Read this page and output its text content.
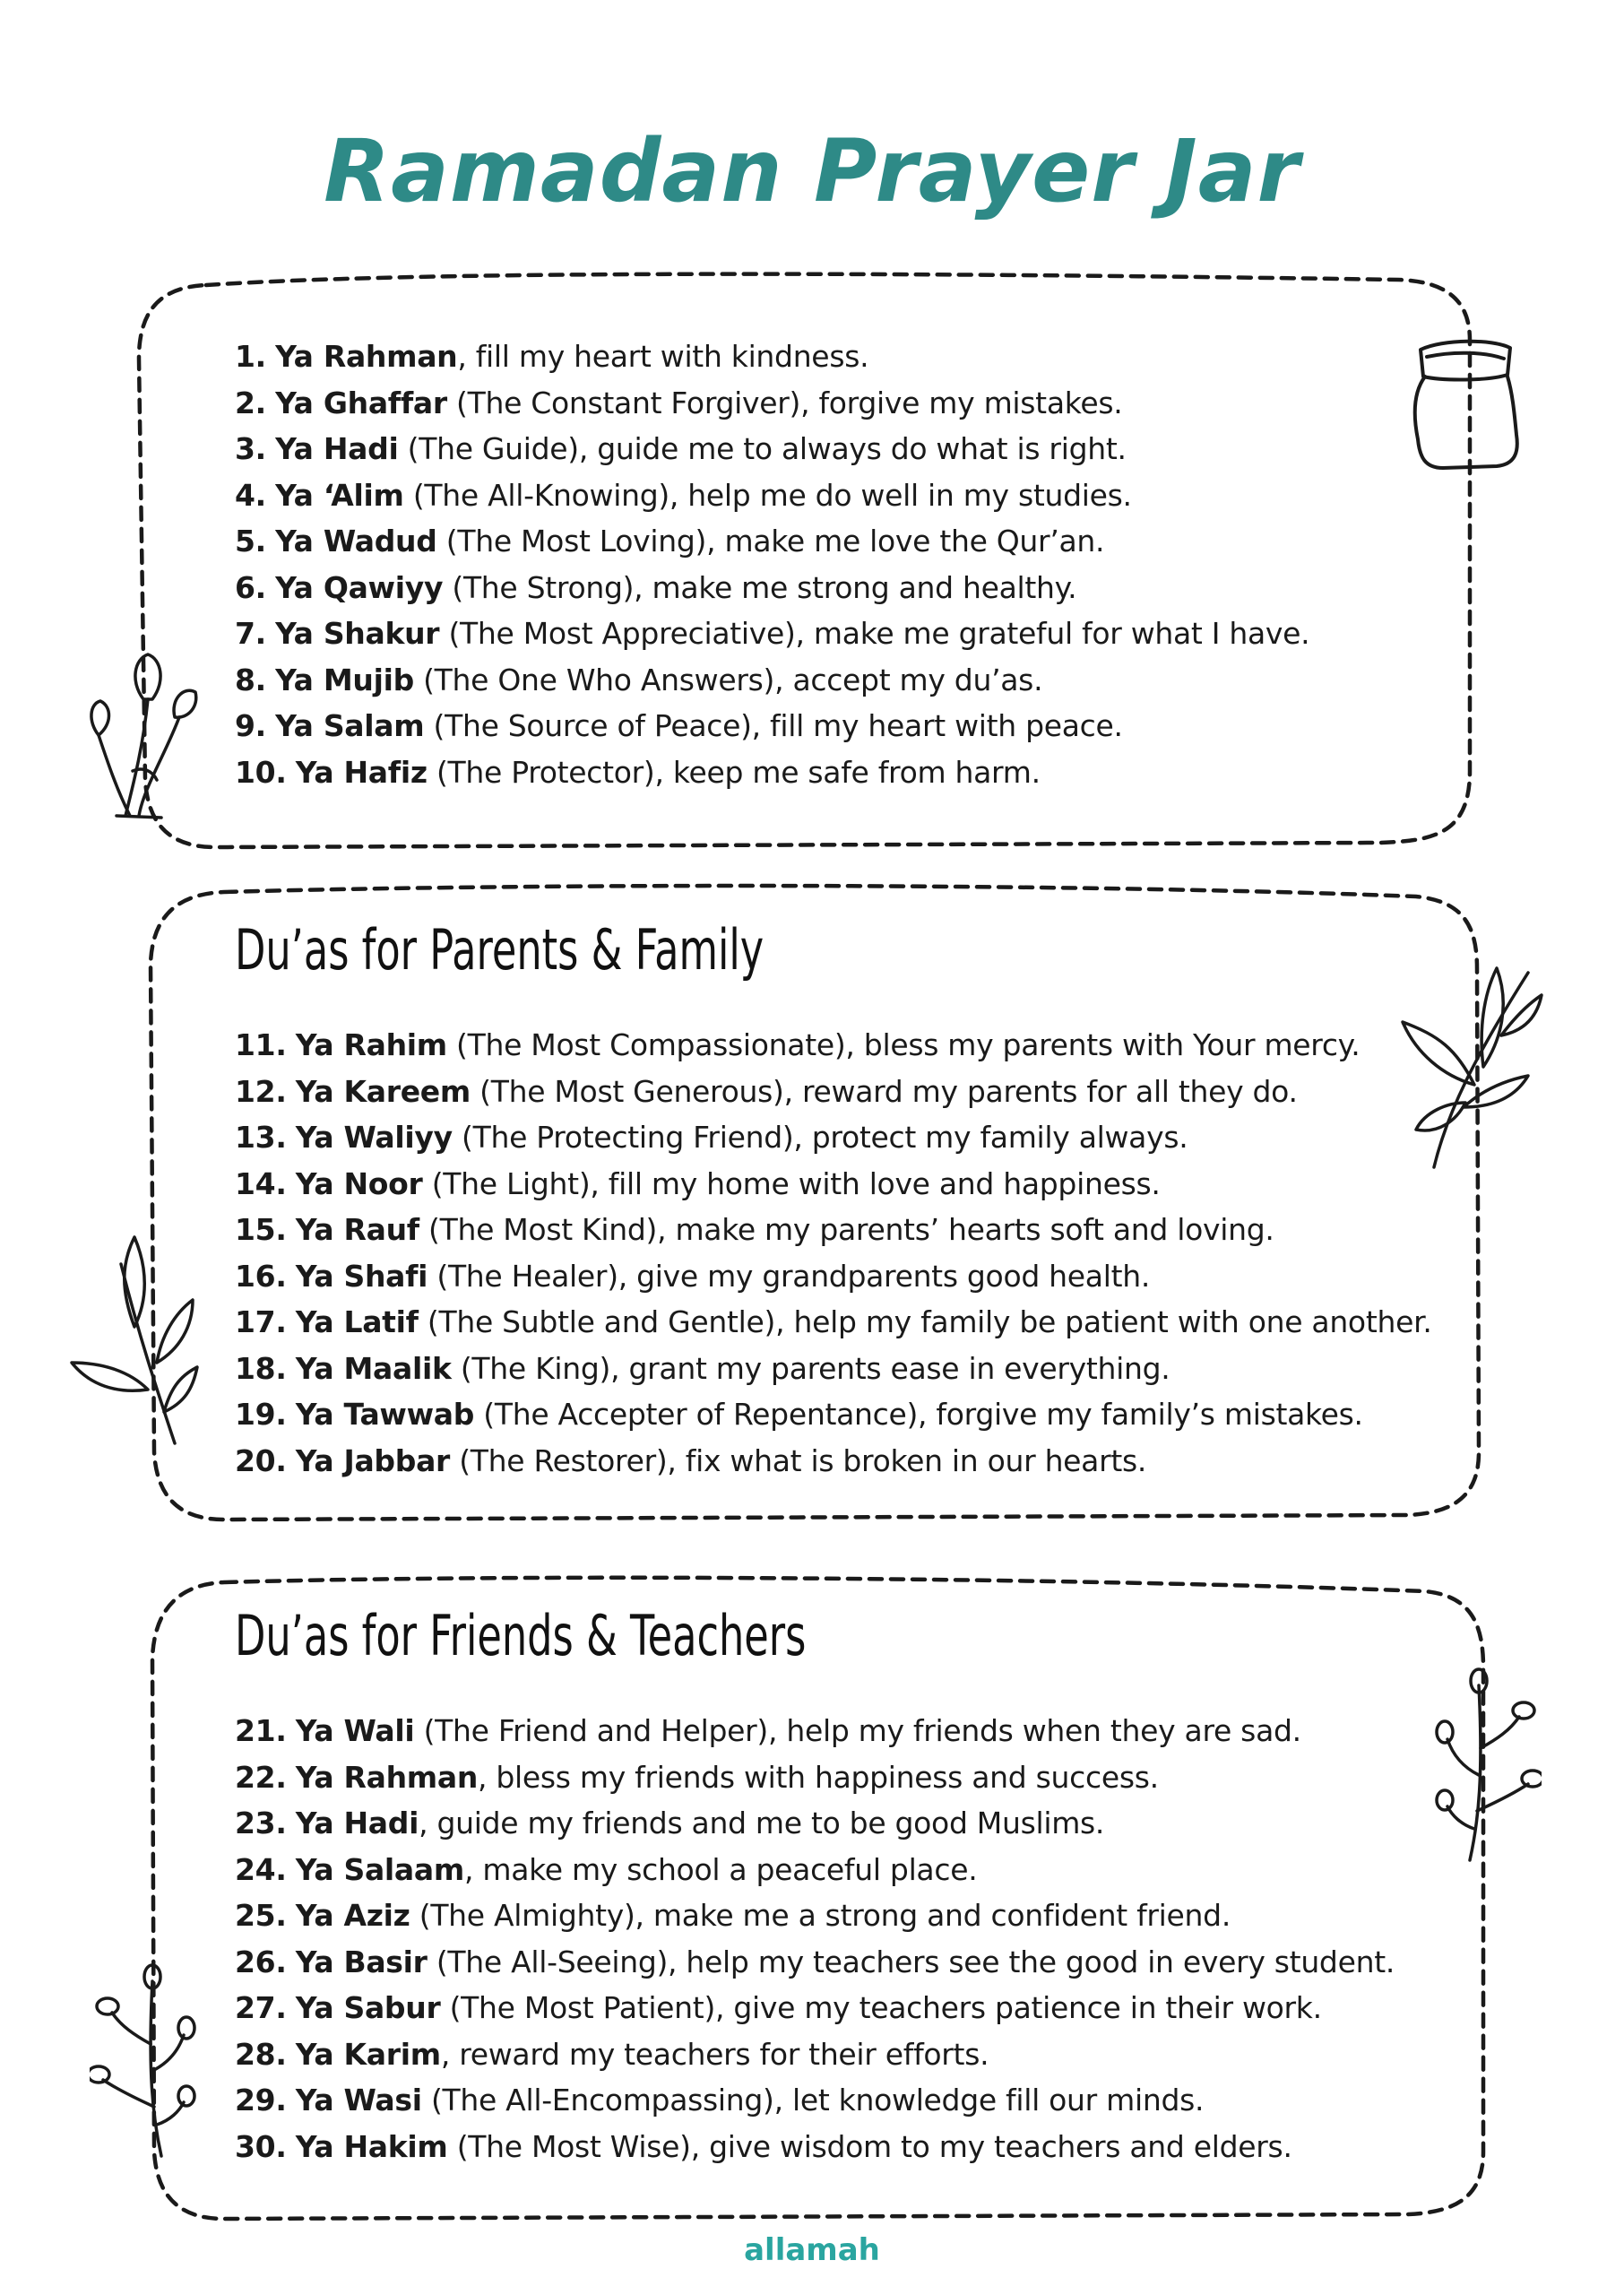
Ramadan Prayer Jar
1. Ya Rahman, fill my heart with kindness.
2. Ya Ghaffar (The Constant Forgiver), forgive my mistakes.
3. Ya Hadi (The Guide), guide me to always do what is right.
4. Ya ‘Alim (The All-Knowing), help me do well in my studies.
5. Ya Wadud (The Most Loving), make me love the Qur’an.
6. Ya Qawiyy (The Strong), make me strong and healthy.
7. Ya Shakur (The Most Appreciative), make me grateful for what I have.
8. Ya Mujib (The One Who Answers), accept my du’as.
9. Ya Salam (The Source of Peace), fill my heart with peace.
10. Ya Hafiz (The Protector), keep me safe from harm.
Du’as for Parents & Family
11. Ya Rahim (The Most Compassionate), bless my parents with Your mercy.
12. Ya Kareem (The Most Generous), reward my parents for all they do.
13. Ya Waliyy (The Protecting Friend), protect my family always.
14. Ya Noor (The Light), fill my home with love and happiness.
15. Ya Rauf (The Most Kind), make my parents’ hearts soft and loving.
16. Ya Shafi (The Healer), give my grandparents good health.
17. Ya Latif (The Subtle and Gentle), help my family be patient with one another.
18. Ya Maalik (The King), grant my parents ease in everything.
19. Ya Tawwab (The Accepter of Repentance), forgive my family’s mistakes.
20. Ya Jabbar (The Restorer), fix what is broken in our hearts.
Du’as for Friends & Teachers
21. Ya Wali (The Friend and Helper), help my friends when they are sad.
22. Ya Rahman, bless my friends with happiness and success.
23. Ya Hadi, guide my friends and me to be good Muslims.
24. Ya Salaam, make my school a peaceful place.
25. Ya Aziz (The Almighty), make me a strong and confident friend.
26. Ya Basir (The All-Seeing), help my teachers see the good in every student.
27. Ya Sabur (The Most Patient), give my teachers patience in their work.
28. Ya Karim, reward my teachers for their efforts.
29. Ya Wasi (The All-Encompassing), let knowledge fill our minds.
30. Ya Hakim (The Most Wise), give wisdom to my teachers and elders.
allamah
